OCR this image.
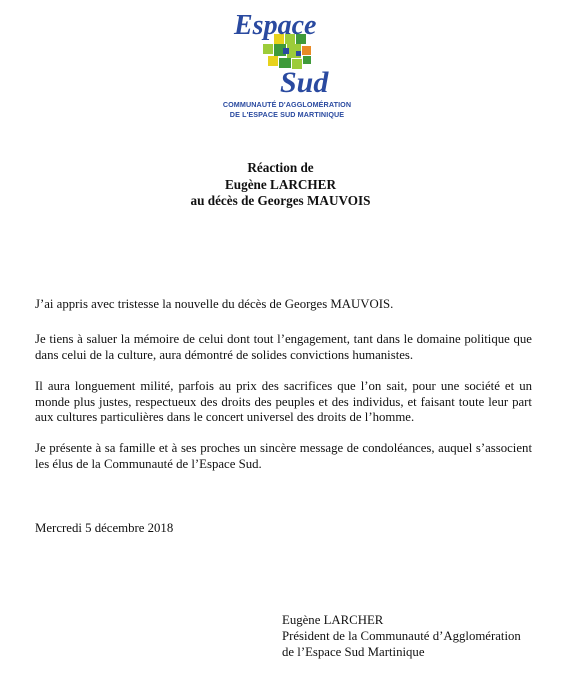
Espace
Sud
COMMUNAUTÉ D'AGGLOMÉRATION
DE L'ESPACE SUD MARTINIQUE
Réaction de
Eugène LARCHER
au décès de Georges MAUVOIS

J’ai appris avec tristesse la nouvelle du décès de Georges MAUVOIS.

Je tiens à saluer la mémoire de celui dont tout l’engagement, tant dans le domaine politique que dans celui de la culture, aura démontré de solides convictions humanistes.

Il aura longuement milité, parfois au prix des sacrifices que l’on sait, pour une société et un monde plus justes, respectueux des droits des peuples et des individus, et faisant toute leur part aux cultures particulières dans le concert universel des droits de l’homme.

Je présente à sa famille et à ses proches un sincère message de condoléances, auquel s’associent les élus de la Communauté de l’Espace Sud.

Mercredi 5 décembre 2018
Eugène LARCHER
Président de la Communauté d’Agglomération
de l’Espace Sud Martinique
